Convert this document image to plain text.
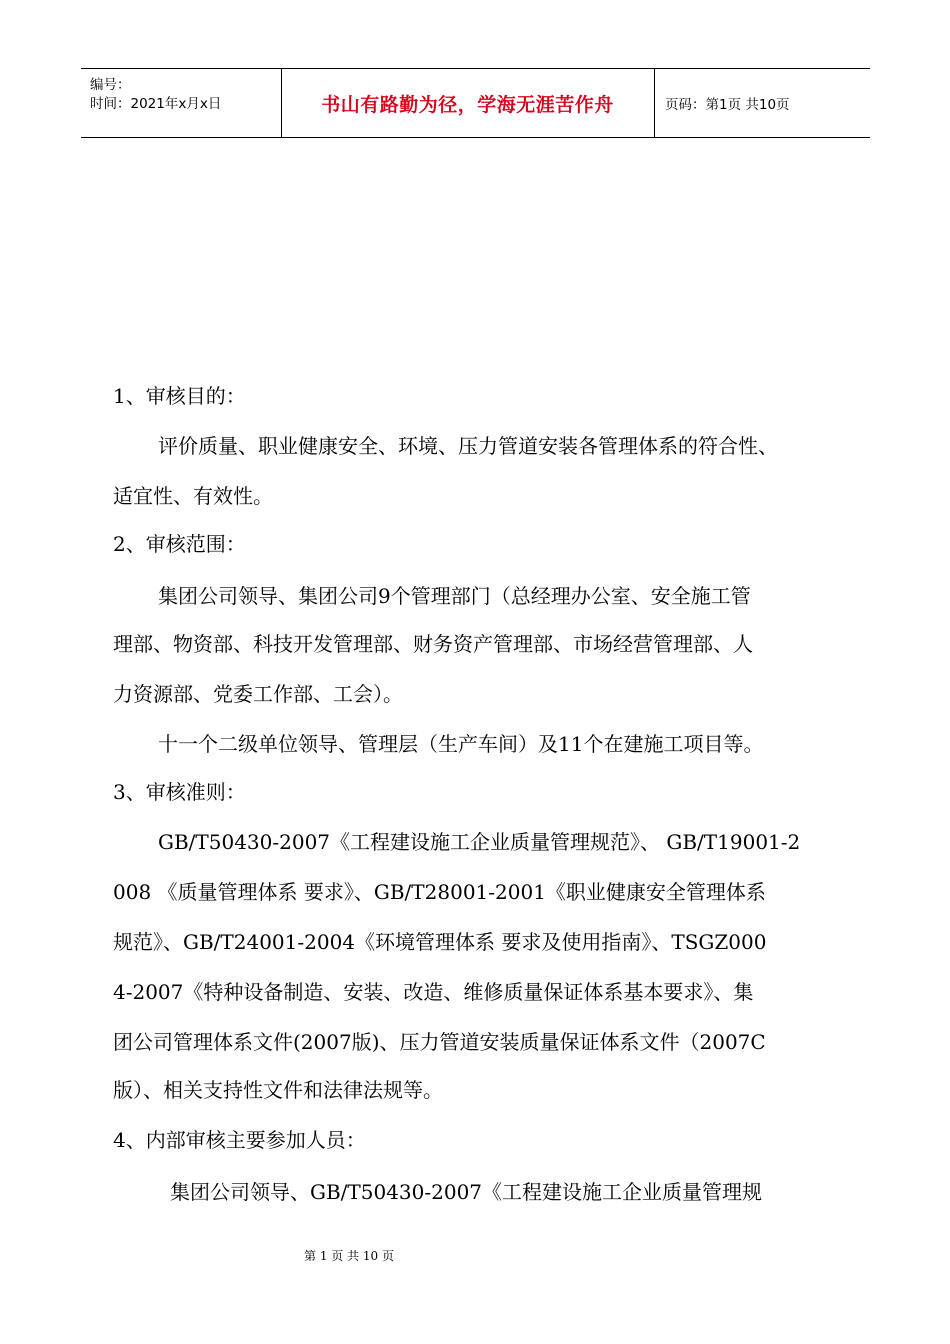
编号：
时间：2021年x月x日	书山有路勤为径，学海无涯苦作舟	页码：第1页 共10页
1、审核目的：
评价质量、职业健康安全、环境、压力管道安装各管理体系的符合性、
适宜性、有效性。
2、审核范围：
集团公司领导、集团公司9个管理部门（总经理办公室、安全施工管
理部、物资部、科技开发管理部、财务资产管理部、市场经营管理部、人
力资源部、党委工作部、工会）。
十一个二级单位领导、管理层（生产车间）及11个在建施工项目等。
3、审核准则：
GB/T50430-2007《工程建设施工企业质量管理规范》、 GB/T19001-2
008 《质量管理体系 要求》、GB/T28001-2001《职业健康安全管理体系
规范》、GB/T24001-2004《环境管理体系 要求及使用指南》、TSGZ000
4-2007《特种设备制造、安装、改造、维修质量保证体系基本要求》、集
团公司管理体系文件(2007版)、压力管道安装质量保证体系文件（2007C
版）、相关支持性文件和法律法规等。
4、内部审核主要参加人员：
集团公司领导、GB/T50430-2007《工程建设施工企业质量管理规
第 1 页 共 10 页
